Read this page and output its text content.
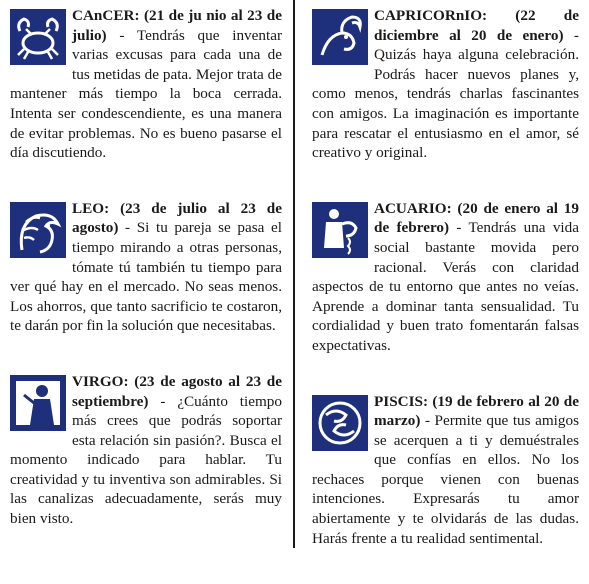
CAnCER: (21 de ju nio al 23 de julio) - Tendrás que inventar varias excusas para cada una de tus metidas de pata. Mejor trata de mantener más tiempo la boca cerrada. Intenta ser condescendiente, es una manera de evitar problemas. No es bueno pasarse el día discutiendo.
LEO: (23 de julio al 23 de agosto) - Si tu pareja se pasa el tiempo mirando a otras personas, tómate tú también tu tiempo para ver qué hay en el mercado. No seas menos. Los ahorros, que tanto sacrificio te costaron, te darán por fin la solución que necesitabas.
VIRGO: (23 de agosto al 23 de septiembre) - ¿Cuánto tiempo más crees que podrás soportar esta relación sin pasión?. Busca el momento indicado para hablar. Tu creatividad y tu inventiva son admirables. Si las canalizas adecuadamente, serás muy bien visto.
CAPRICORnIO: (22 de diciembre al 20 de enero) - Quizás haya alguna celebración. Podrás hacer nuevos planes y, como menos, tendrás charlas fascinantes con amigos. La imaginación es importante para rescatar el entusiasmo en el amor, sé creativo y original.
ACUARIO: (20 de enero al 19 de febrero) - Tendrás una vida social bastante movida pero racional. Verás con claridad aspectos de tu entorno que antes no veías. Aprende a dominar tanta sensualidad. Tu cordialidad y buen trato fomentarán falsas expectativas.
PISCIS: (19 de febrero al 20 de marzo) - Permite que tus amigos se acerquen a ti y demuéstrales que confías en ellos. No los rechaces porque vienen con buenas intenciones. Expresarás tu amor abiertamente y te olvidarás de las dudas. Harás frente a tu realidad sentimental.
